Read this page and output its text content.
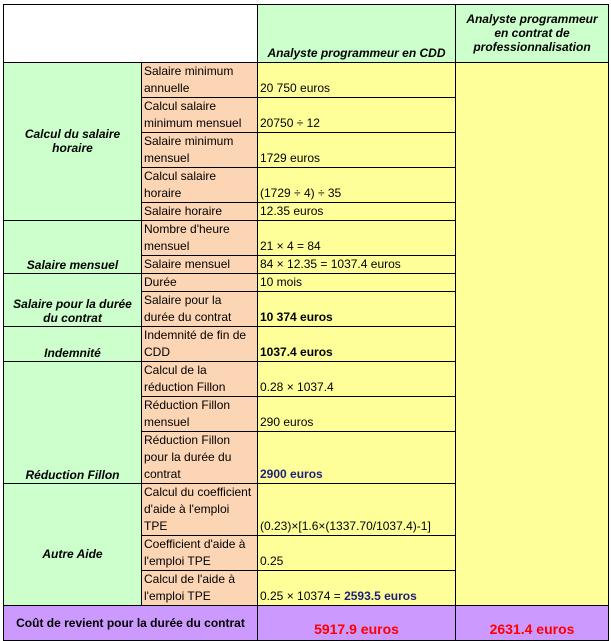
		Analyste programmeur en CDD	Analyste programmeur en contrat de professionnalisation
Calcul du salaire horaire	Salaire minimum annuelle	20 750 euros	
	Calcul salaire minimum mensuel	20750 ÷ 12	
	Salaire minimum mensuel	1729 euros	
	Calcul salaire horaire	(1729 ÷ 4) ÷ 35	
	Salaire horaire	12.35 euros	
Salaire mensuel	Nombre d'heure mensuel	21 × 4 = 84	
	Salaire mensuel	84 × 12.35 = 1037.4 euros	
Salaire pour la durée du contrat	Durée	10 mois	
	Salaire pour la durée du contrat	10 374 euros	
Indemnité	Indemnité de fin de CDD	1037.4 euros	
Réduction Fillon	Calcul de la réduction Fillon	0.28 × 1037.4	
	Réduction Fillon mensuel	290 euros	
	Réduction Fillon pour la durée du contrat	2900 euros	
Autre Aide	Calcul du coefficient d'aide à l'emploi TPE	(0.23)×[1.6×(1337.70/1037.4)-1]	
	Coefficient d'aide à l'emploi TPE	0.25	
	Calcul de l'aide à l'emploi TPE	0.25 × 10374 = 2593.5 euros	
Coût de revient pour la durée du contrat		5917.9 euros	2631.4 euros
